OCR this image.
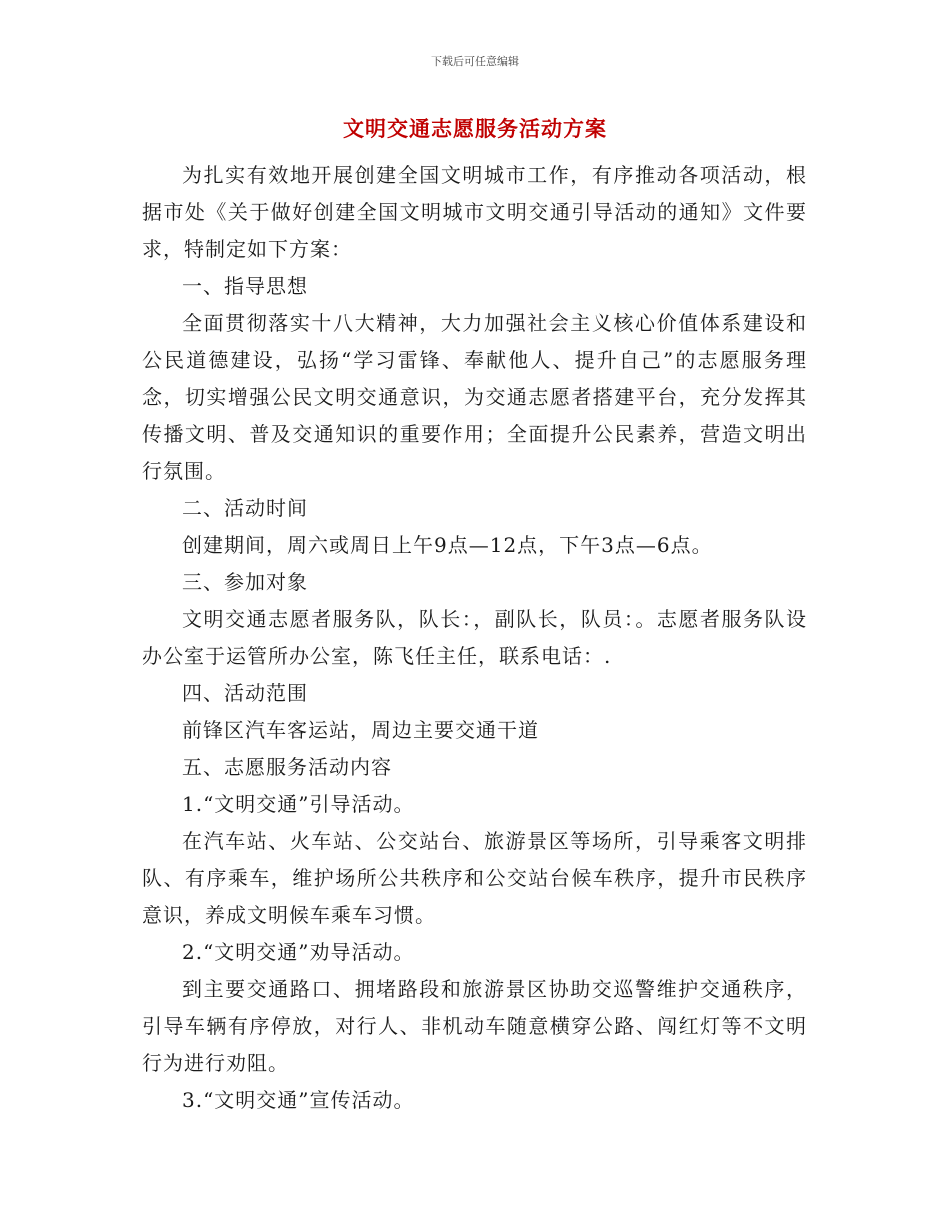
下载后可任意编辑
文明交通志愿服务活动方案

为扎实有效地开展创建全国文明城市工作，有序推动各项活动，根据市处《关于做好创建全国文明城市文明交通引导活动的通知》文件要求，特制定如下方案：

一、指导思想

全面贯彻落实十八大精神，大力加强社会主义核心价值体系建设和公民道德建设，弘扬“学习雷锋、奉献他人、提升自己”的志愿服务理念，切实增强公民文明交通意识，为交通志愿者搭建平台，充分发挥其传播文明、普及交通知识的重要作用；全面提升公民素养，营造文明出行氛围。

二、活动时间

创建期间，周六或周日上午9点—12点，下午3点—6点。

三、参加对象

文明交通志愿者服务队，队长：，副队长，队员：。志愿者服务队设办公室于运管所办公室，陈飞任主任，联系电话：.

四、活动范围

前锋区汽车客运站，周边主要交通干道

五、志愿服务活动内容

1.“文明交通”引导活动。

在汽车站、火车站、公交站台、旅游景区等场所，引导乘客文明排队、有序乘车，维护场所公共秩序和公交站台候车秩序，提升市民秩序意识，养成文明候车乘车习惯。

2.“文明交通”劝导活动。

到主要交通路口、拥堵路段和旅游景区协助交巡警维护交通秩序，引导车辆有序停放，对行人、非机动车随意横穿公路、闯红灯等不文明行为进行劝阻。

3.“文明交通”宣传活动。
